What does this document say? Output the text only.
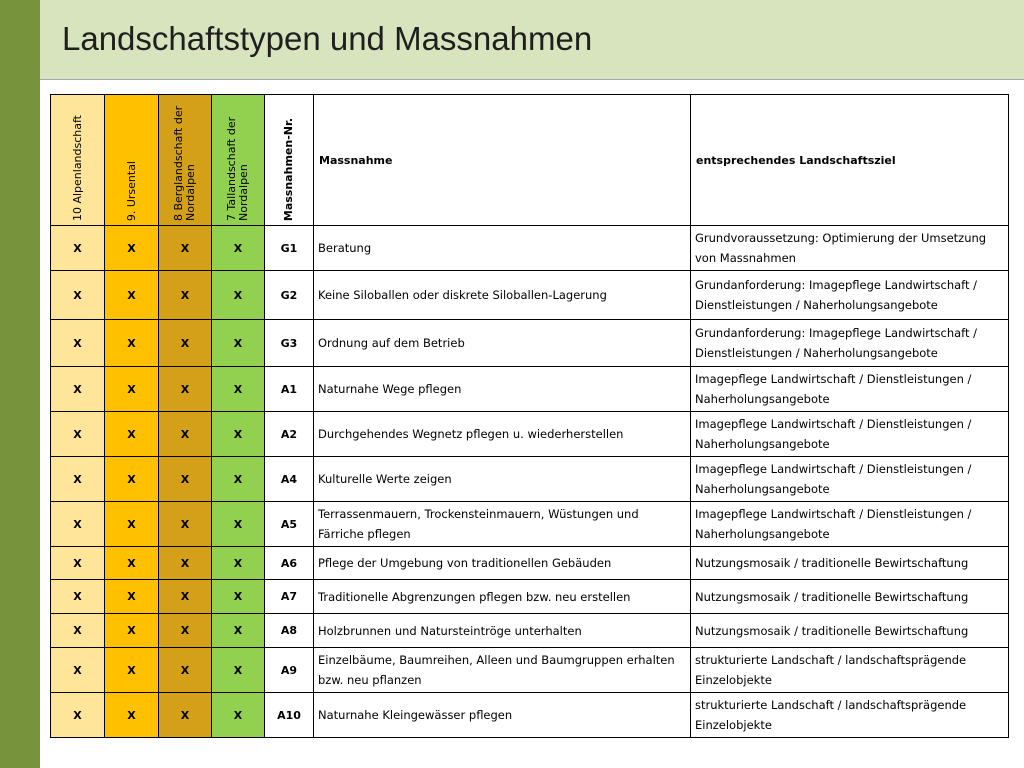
Landschaftstypen und Massnahmen
10 Alpenlandschaft	9. Ursental	8 Berglandschaft der Nordalpen	7 Tallandschaft der Nordalpen	Massnahmen-Nr.	Massnahme	entsprechendes Landschaftsziel
X	X	X	X	G1	Beratung	Grundvoraussetzung: Optimierung der Umsetzung von Massnahmen
X	X	X	X	G2	Keine Siloballen oder diskrete Siloballen-Lagerung	Grundanforderung: Imagepflege Landwirtschaft / Dienstleistungen / Naherholungsangebote
X	X	X	X	G3	Ordnung auf dem Betrieb	Grundanforderung: Imagepflege Landwirtschaft / Dienstleistungen / Naherholungsangebote
X	X	X	X	A1	Naturnahe Wege pflegen	Imagepflege Landwirtschaft / Dienstleistungen / Naherholungsangebote
X	X	X	X	A2	Durchgehendes Wegnetz pflegen u. wiederherstellen	Imagepflege Landwirtschaft / Dienstleistungen / Naherholungsangebote
X	X	X	X	A4	Kulturelle Werte zeigen	Imagepflege Landwirtschaft / Dienstleistungen / Naherholungsangebote
X	X	X	X	A5	Terrassenmauern, Trockensteinmauern, Wüstungen und Färriche pflegen	Imagepflege Landwirtschaft / Dienstleistungen / Naherholungsangebote
X	X	X	X	A6	Pflege der Umgebung von traditionellen Gebäuden	Nutzungsmosaik / traditionelle Bewirtschaftung
X	X	X	X	A7	Traditionelle Abgrenzungen pflegen bzw. neu erstellen	Nutzungsmosaik / traditionelle Bewirtschaftung
X	X	X	X	A8	Holzbrunnen und Natursteintröge unterhalten	Nutzungsmosaik / traditionelle Bewirtschaftung
X	X	X	X	A9	Einzelbäume, Baumreihen, Alleen und Baumgruppen erhalten bzw. neu pflanzen	strukturierte Landschaft / landschaftsprägende Einzelobjekte
X	X	X	X	A10	Naturnahe Kleingewässer pflegen	strukturierte Landschaft / landschaftsprägende Einzelobjekte
